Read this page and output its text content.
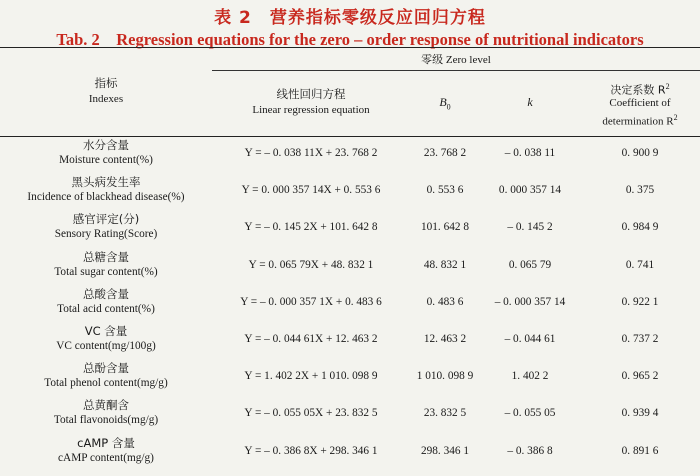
表 2　营养指标零级反应回归方程
Tab. 2　Regression equations for the zero – order response of nutritional indicators
指标
Indexes
零级 Zero level
线性回归方程
Linear regression equation
$B_0$	k
决定系数 $R^2$
Coefficient of
determination $R^2$
水分含量
Moisture content(%)
Y = – 0. 038 11X + 23. 768 2	23. 768 2	– 0. 038 11	0. 900 9
黑头病发生率
Incidence of blackhead disease(%)
Y = 0. 000 357 14X + 0. 553 6	0. 553 6	0. 000 357 14	0. 375
感官评定(分)
Sensory Rating(Score)
Y = – 0. 145 2X + 101. 642 8	101. 642 8	– 0. 145 2	0. 984 9
总糖含量
Total sugar content(%)
Y = 0. 065 79X + 48. 832 1	48. 832 1	0. 065 79	0. 741
总酸含量
Total acid content(%)
Y = – 0. 000 357 1X + 0. 483 6	0. 483 6	– 0. 000 357 14	0. 922 1
VC 含量
VC content(mg/100g)
Y = – 0. 044 61X + 12. 463 2	12. 463 2	– 0. 044 61	0. 737 2
总酚含量
Total phenol content(mg/g)
Y = 1. 402 2X + 1 010. 098 9	1 010. 098 9	1. 402 2	0. 965 2
总黄酮含
Total flavonoids(mg/g)
Y = – 0. 055 05X + 23. 832 5	23. 832 5	– 0. 055 05	0. 939 4
cAMP 含量
cAMP content(mg/g)
Y = – 0. 386 8X + 298. 346 1	298. 346 1	– 0. 386 8	0. 891 6
